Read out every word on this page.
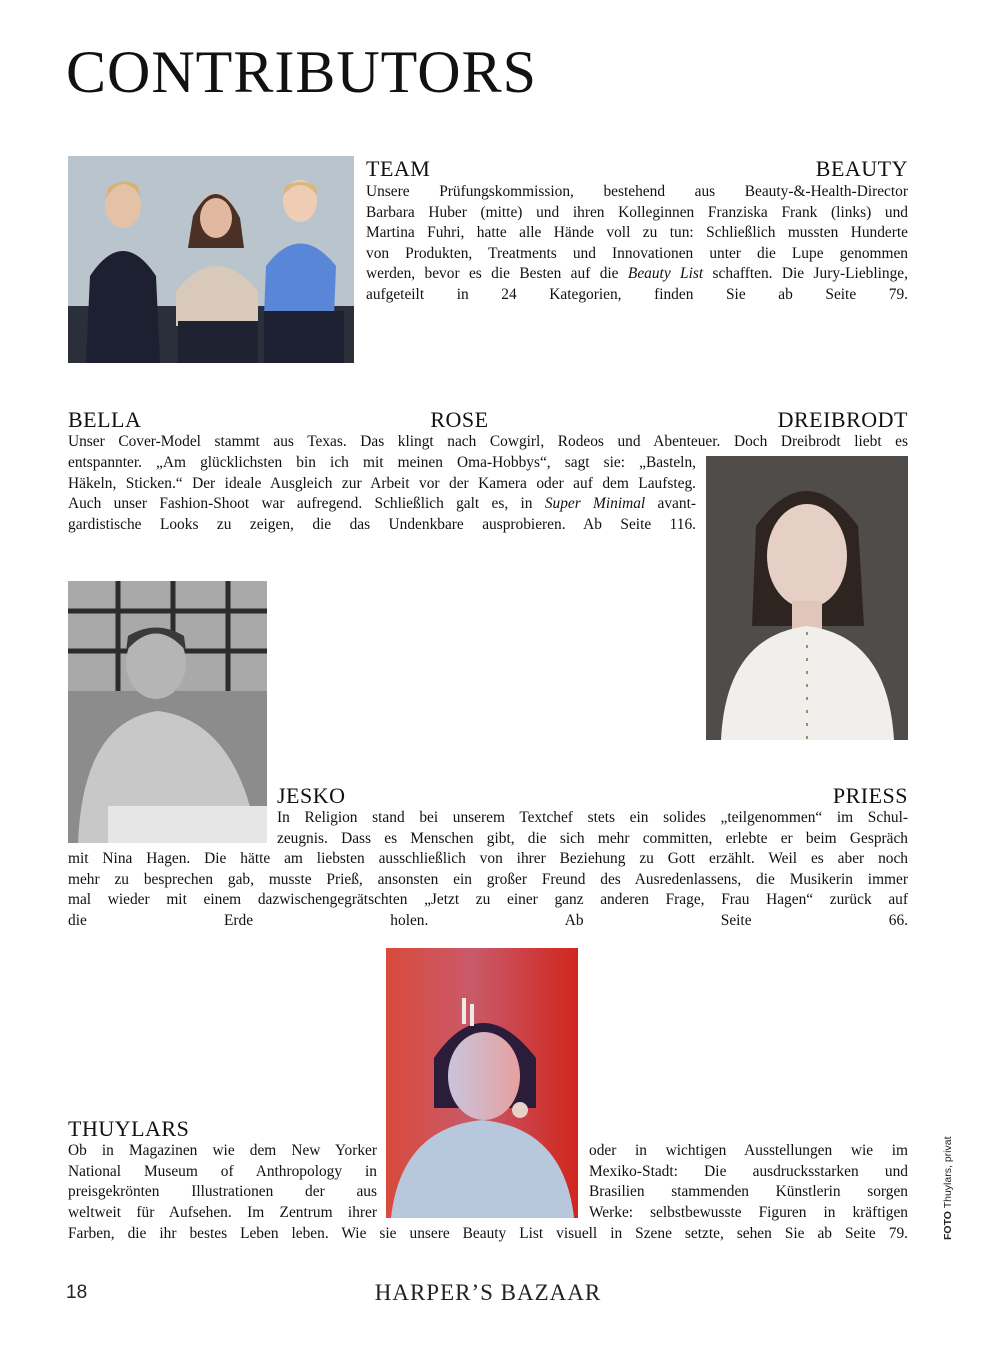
CONTRIBUTORS
TEAM	BEAUTY

Unsere Prüfungskommission, bestehend aus Beauty-&-Health-Director

Barbara Huber (mitte) und ihren Kolleginnen Franziska Frank (links) und

Martina Fuhri, hatte alle Hände voll zu tun: Schließlich mussten Hunderte

von Produkten, Treatments und Innovationen unter die Lupe genommen

werden, bevor es die Besten auf die Beauty List schafften. Die Jury-Lieblinge,

aufgeteilt in 24 Kategorien, finden Sie ab Seite 79.

BELLA	ROSE	DREIBRODT

Unser Cover-Model stammt aus Texas. Das klingt nach Cowgirl, Rodeos und Abenteuer. Doch Dreibrodt liebt es

entspannter. „Am glücklichsten bin ich mit meinen Oma-Hobbys“, sagt sie: „Basteln,

Häkeln, Sticken.“ Der ideale Ausgleich zur Arbeit vor der Kamera oder auf dem Laufsteg.

Auch unser Fashion-Shoot war aufregend. Schließlich galt es, in Super Minimal avant-

gardistische Looks zu zeigen, die das Undenkbare ausprobieren. Ab Seite 116.

JESKO	PRIESS

In Religion stand bei unserem Textchef stets ein solides „teilgenommen“ im Schul-

zeugnis. Dass es Menschen gibt, die sich mehr committen, erlebte er beim Gespräch

mit Nina Hagen. Die hätte am liebsten ausschließlich von ihrer Beziehung zu Gott erzählt. Weil es aber noch

mehr zu besprechen gab, musste Prieß, ansonsten ein großer Freund des Ausredenlassens, die Musikerin immer

mal wieder mit einem dazwischengegrätschten „Jetzt zu einer ganz anderen Frage, Frau Hagen“ zurück auf

die Erde holen. Ab Seite 66.

THUYLARS

Ob in Magazinen wie dem New Yorker

National Museum of Anthropology in

preisgekrönten Illustrationen der aus

weltweit für Aufsehen. Im Zentrum ihrer

oder in wichtigen Ausstellungen wie im

Mexiko-Stadt: Die ausdrucksstarken und

Brasilien stammenden Künstlerin sorgen

Werke: selbstbewusste Figuren in kräftigen

Farben, die ihr bestes Leben leben. Wie sie unsere Beauty List visuell in Szene setzte, sehen Sie ab Seite 79.	FOTO Thuylars, privat
18	HARPER’S BAZAAR
